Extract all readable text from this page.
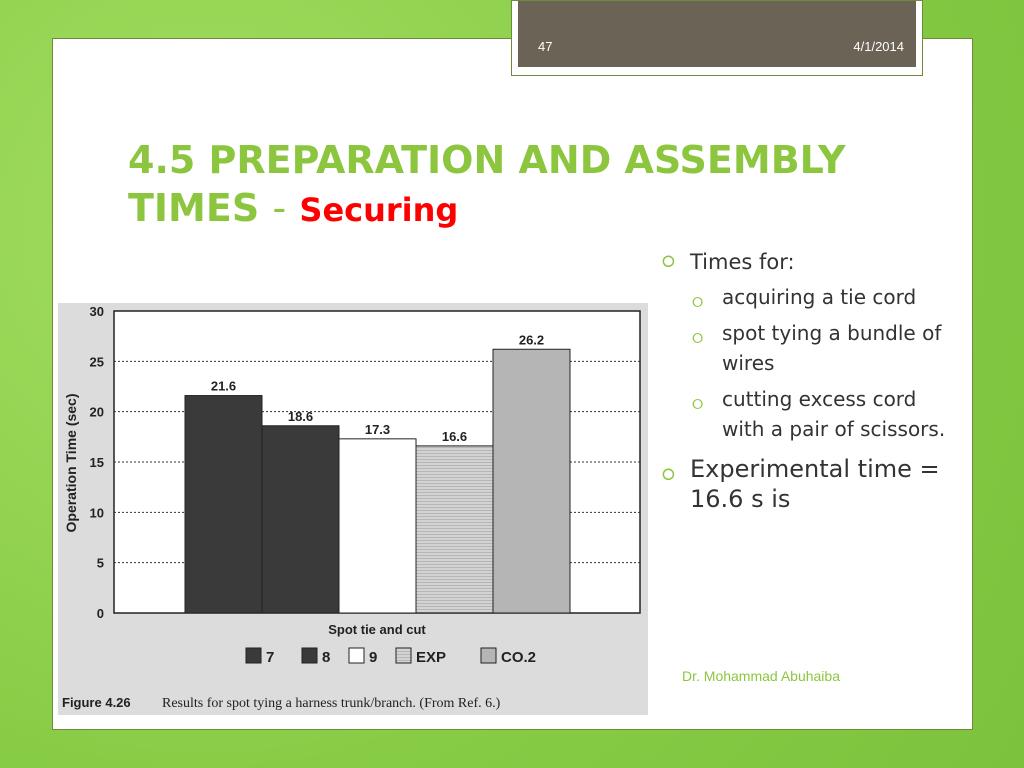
47	4/1/2014
4.5 PREPARATION AND ASSEMBLY TIMES - Securing
Operation Time (sec)
Spot tie and cut
Figure 4.26 Results for spot tying a harness trunk/branch. (From Ref. 6.)
0
5
10
15
20
25
30
21.6
18.6
17.3	16.6
26.2
7	8	9	EXP	CO.2
⭘ Times for:
⭘ acquiring a tie cord
⭘ spot tying a bundle of wires
⭘ cutting excess cord with a pair of scissors.
⭘ Experimental time = 16.6 s is
Dr. Mohammad Abuhaiba
